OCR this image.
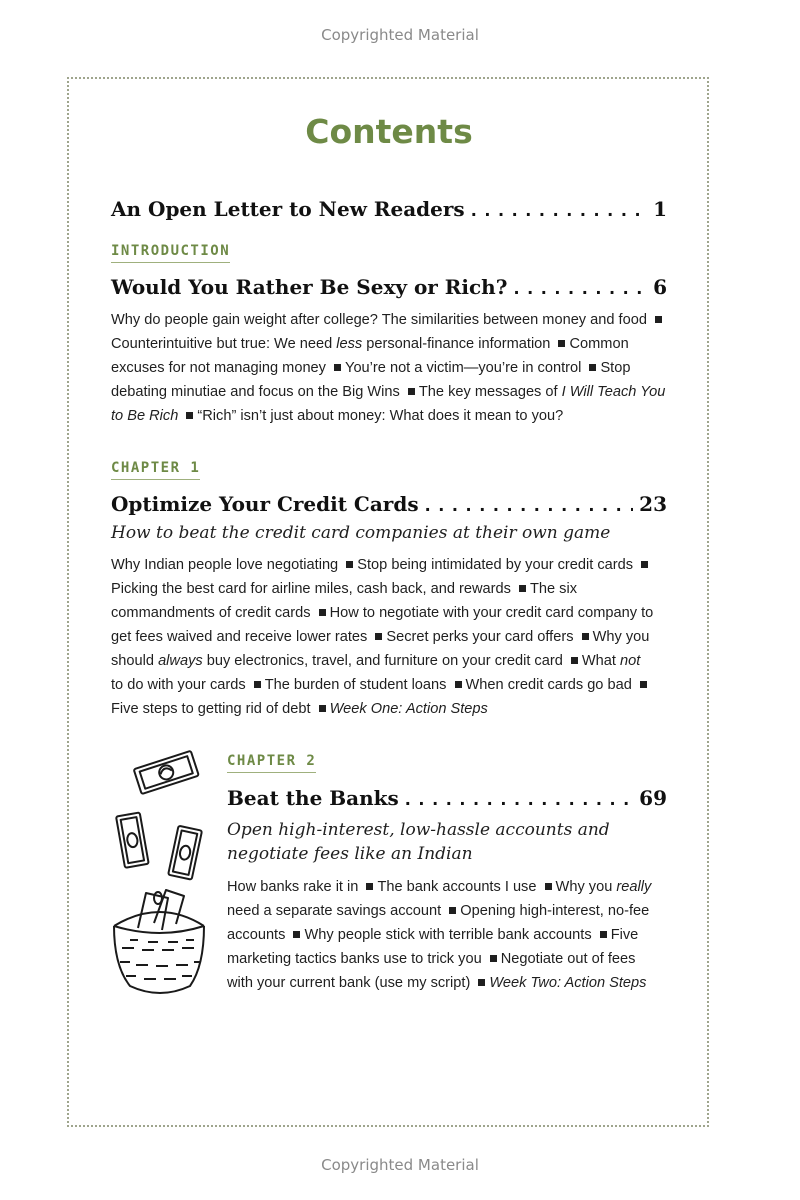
Copyrighted Material
Contents
An Open Letter to New Readers . . .	1
INTRODUCTION
Would You Rather Be Sexy or Rich? . . .	6
Why do people gain weight after college? The similarities between money and food Counterintuitive but true: We need less personal-finance information Common excuses for not managing money You’re not a victim—you’re in control Stop debating minutiae and focus on the Big Wins The key messages of I Will Teach You to Be Rich “Rich” isn’t just about money: What does it mean to you?
CHAPTER 1
Optimize Your Credit Cards . . .	23
How to beat the credit card companies at their own game
Why Indian people love negotiating Stop being intimidated by your credit cards Picking the best card for airline miles, cash back, and rewards The six commandments of credit cards How to negotiate with your credit card company to get fees waived and receive lower rates Secret perks your card offers Why you should always buy electronics, travel, and furniture on your credit card What not to do with your cards The burden of student loans When credit cards go bad Five steps to getting rid of debt Week One: Action Steps
CHAPTER 2
Beat the Banks . . .	69
Open high-interest, low-hassle accounts and negotiate fees like an Indian
How banks rake it in The bank accounts I use Why you really need a separate savings account Opening high-interest, no-fee accounts Why people stick with terrible bank accounts Five marketing tactics banks use to trick you Negotiate out of fees with your current bank (use my script) Week Two: Action Steps
Copyrighted Material
